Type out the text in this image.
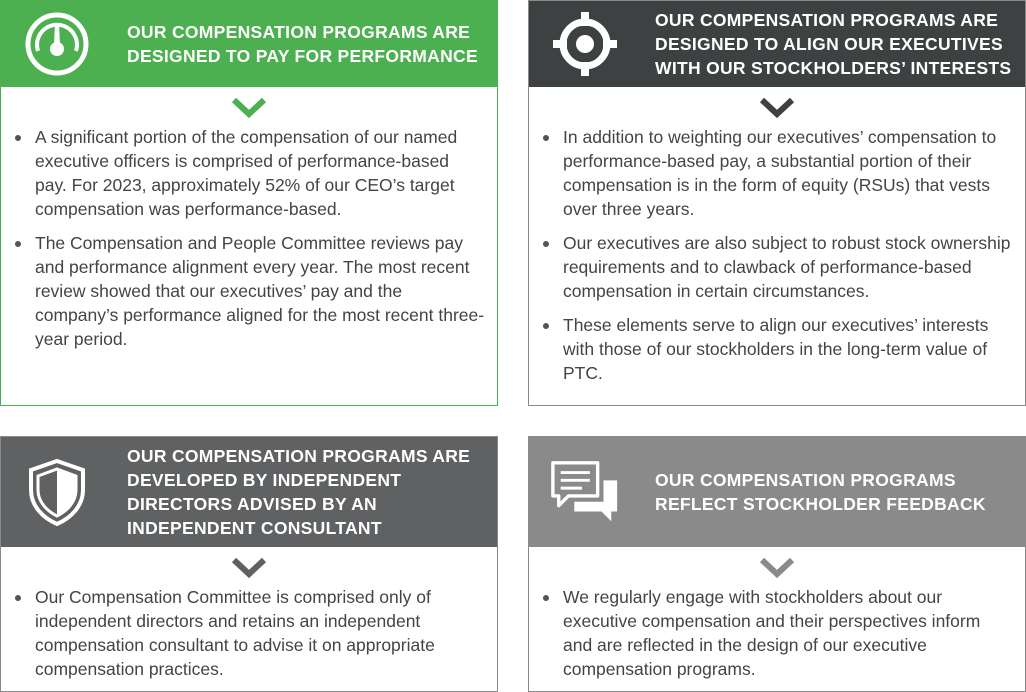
OUR COMPENSATION PROGRAMS ARE
DESIGNED TO PAY FOR PERFORMANCE
A significant portion of the compensation of our named executive officers is comprised of performance-based pay. For 2023, approximately 52% of our CEO’s target compensation was performance-based.
The Compensation and People Committee reviews pay and performance alignment every year. The most recent review showed that our executives’ pay and the company’s performance aligned for the most recent three-year period.
OUR COMPENSATION PROGRAMS ARE
DESIGNED TO ALIGN OUR EXECUTIVES
WITH OUR STOCKHOLDERS’ INTERESTS
In addition to weighting our executives’ compensation to performance-based pay, a substantial portion of their compensation is in the form of equity (RSUs) that vests over three years.
Our executives are also subject to robust stock ownership requirements and to clawback of performance-based compensation in certain circumstances.
These elements serve to align our executives’ interests with those of our stockholders in the long-term value of PTC.
OUR COMPENSATION PROGRAMS ARE
DEVELOPED BY INDEPENDENT
DIRECTORS ADVISED BY AN
INDEPENDENT CONSULTANT
Our Compensation Committee is comprised only of independent directors and retains an independent compensation consultant to advise it on appropriate compensation practices.
OUR COMPENSATION PROGRAMS
REFLECT STOCKHOLDER FEEDBACK
We regularly engage with stockholders about our executive compensation and their perspectives inform and are reflected in the design of our executive compensation programs.
